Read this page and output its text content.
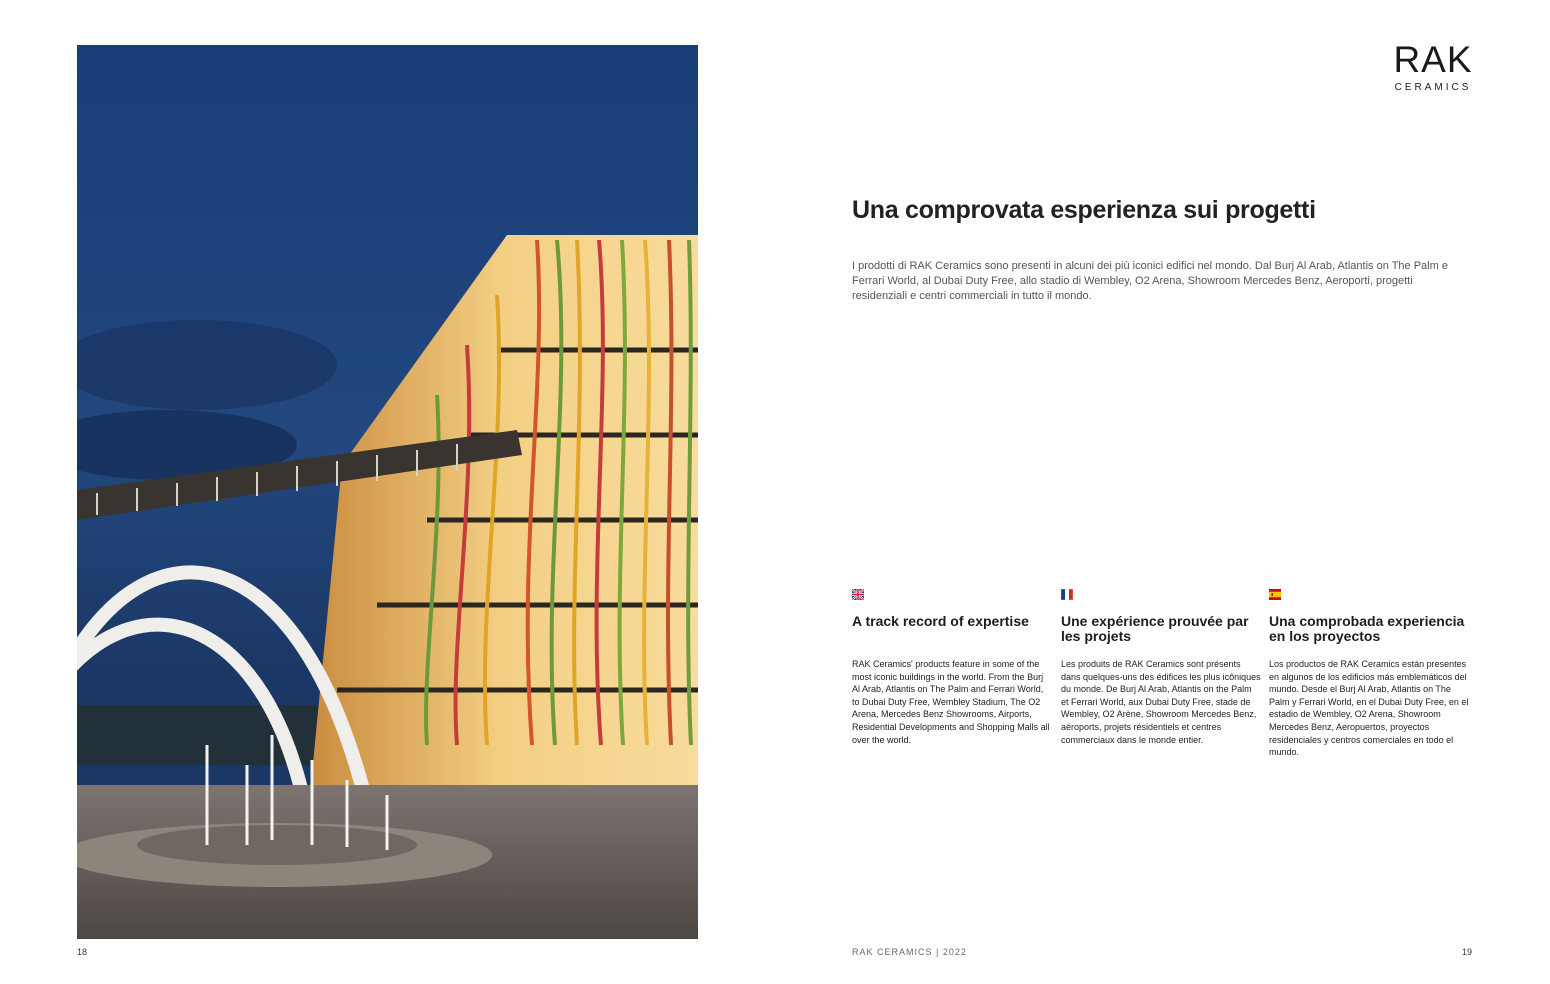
RAK
CERAMICS
Una comprovata esperienza sui progetti

I prodotti di RAK Ceramics sono presenti in alcuni dei più iconici edifici nel mondo. Dal Burj Al Arab, Atlantis on The Palm e Ferrari World, al Dubai Duty Free, allo stadio di Wembley, O2 Arena, Showroom Mercedes Benz, Aeroporti, progetti residenziali e centri commerciali in tutto il mondo.

A track record of expertise

RAK Ceramics' products feature in some of the most iconic buildings in the world. From the Burj Al Arab, Atlantis on The Palm and Ferrari World, to Dubai Duty Free, Wembley Stadium, The O2 Arena, Mercedes Benz Showrooms, Airports, Residential Developments and Shopping Malls all over the world.

Une expérience prouvée par les projets

Les produits de RAK Ceramics sont présents dans quelques-uns des édifices les plus icôniques du monde. De Burj Al Arab, Atlantis on the Palm et Ferrari World, aux Dubai Duty Free, stade de Wembley, O2 Arène, Showroom Mercedes Benz, aéroports, projets résidentiels et centres commerciaux dans le monde entier.

Una comprobada experiencia en los proyectos

Los productos de RAK Ceramics están presentes en algunos de los edificios más emblemáticos del mundo. Desde el Burj Al Arab, Atlantis on The Palm y Ferrari World, en el Dubai Duty Free, en el estadio de Wembley, O2 Arena, Showroom Mercedes Benz, Aeropuertos, proyectos residenciales y centros comerciales en todo el mundo.

18	RAK CERAMICS | 2022	19
